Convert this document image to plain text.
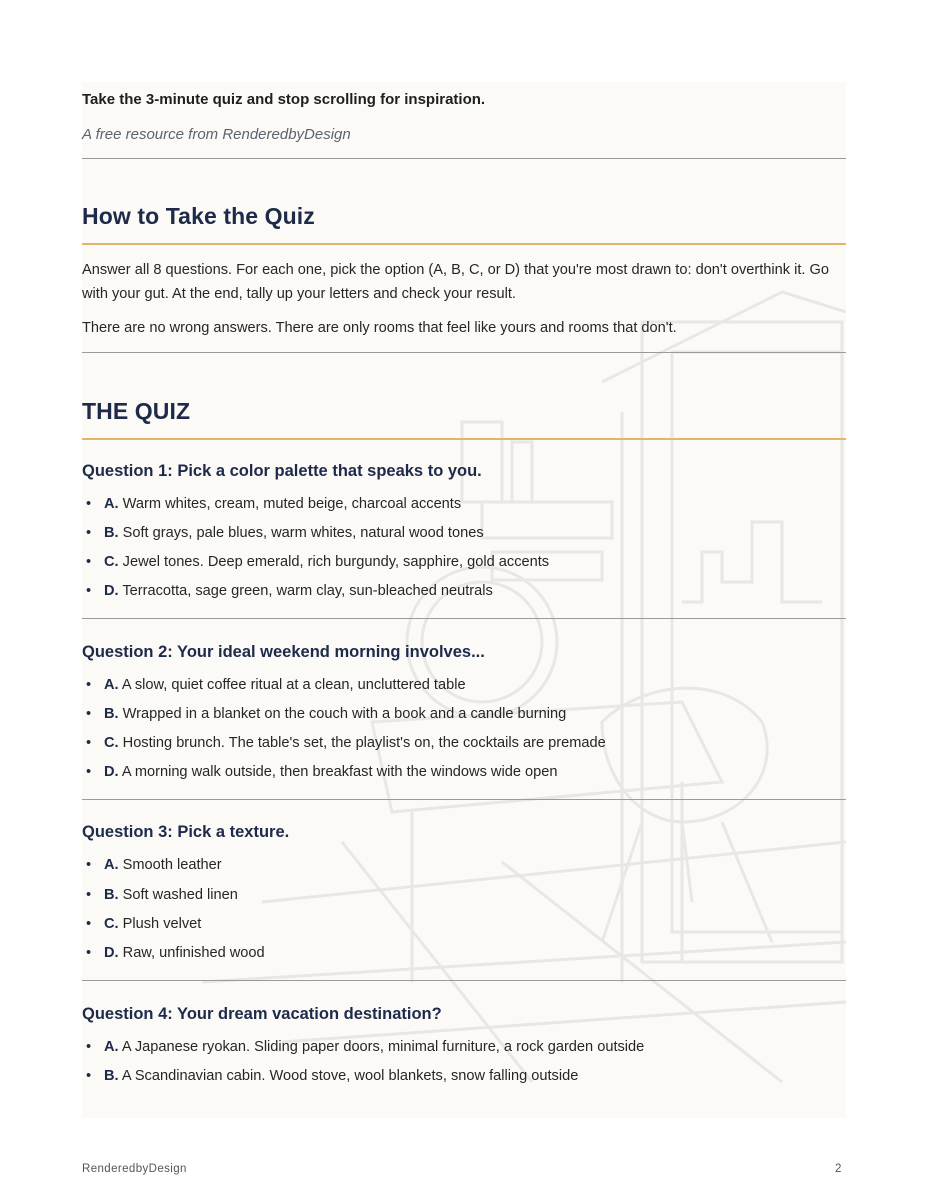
Take the 3-minute quiz and stop scrolling for inspiration.

A free resource from RenderedbyDesign

How to Take the Quiz

Answer all 8 questions. For each one, pick the option (A, B, C, or D) that you're most drawn to: don't overthink it. Go with your gut. At the end, tally up your letters and check your result.

There are no wrong answers. There are only rooms that feel like yours and rooms that don't.

THE QUIZ
Question 1: Pick a color palette that speaks to you.

• A. Warm whites, cream, muted beige, charcoal accents

• B. Soft grays, pale blues, warm whites, natural wood tones

• C. Jewel tones. Deep emerald, rich burgundy, sapphire, gold accents

• D. Terracotta, sage green, warm clay, sun-bleached neutrals

Question 2: Your ideal weekend morning involves...

• A. A slow, quiet coffee ritual at a clean, uncluttered table

• B. Wrapped in a blanket on the couch with a book and a candle burning

• C. Hosting brunch. The table's set, the playlist's on, the cocktails are premade

• D. A morning walk outside, then breakfast with the windows wide open

Question 3: Pick a texture.

• A. Smooth leather

• B. Soft washed linen

• C. Plush velvet

• D. Raw, unfinished wood

Question 4: Your dream vacation destination?

• A. A Japanese ryokan. Sliding paper doors, minimal furniture, a rock garden outside

• B. A Scandinavian cabin. Wood stove, wool blankets, snow falling outside

RenderedbyDesign	2
